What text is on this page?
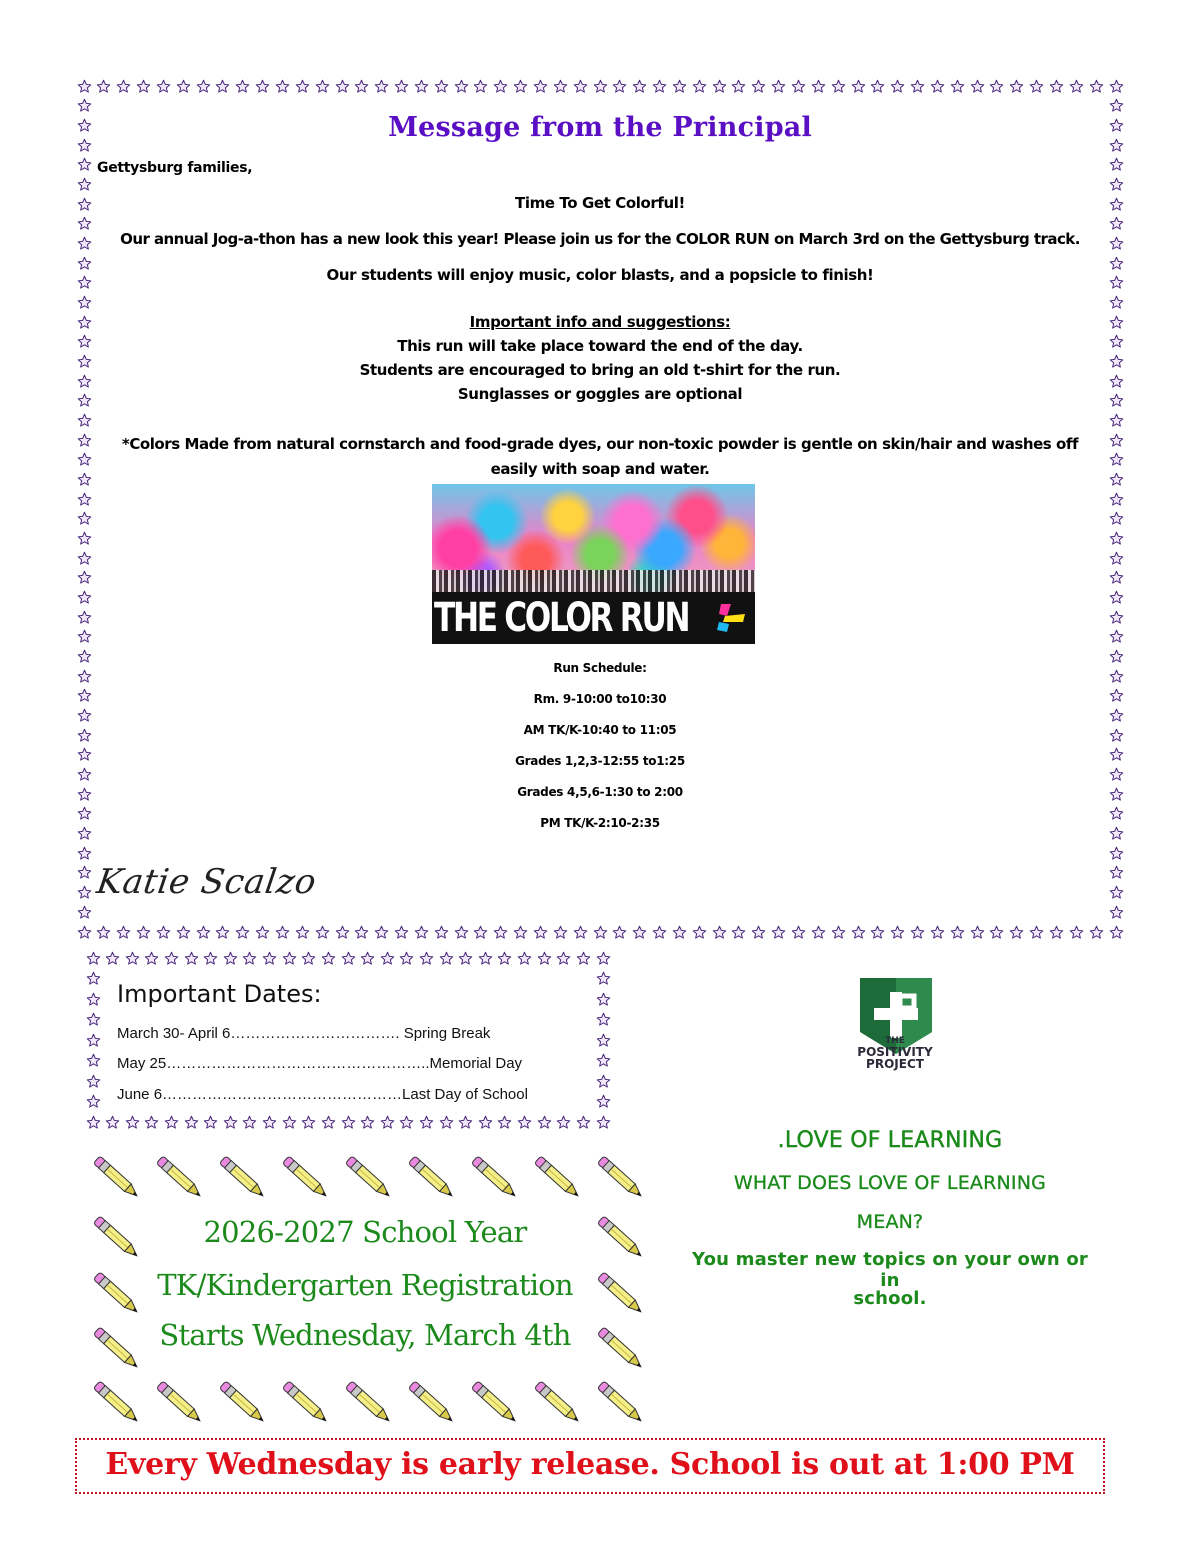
Message from the Principal
Gettysburg families,
Time To Get Colorful!
Our annual Jog-a-thon has a new look this year! Please join us for the COLOR RUN on March 3rd on the Gettysburg track.
Our students will enjoy music, color blasts, and a popsicle to finish!
Important info and suggestions:
This run will take place toward the end of the day.
Students are encouraged to bring an old t-shirt for the run.
Sunglasses or goggles are optional
*Colors Made from natural cornstarch and food-grade dyes, our non-toxic powder is gentle on skin/hair and washes off easily with soap and water.
THE COLOR RUN
Run Schedule:
Rm. 9-10:00 to10:30
AM TK/K-10:40 to 11:05
Grades 1,2,3-12:55 to1:25
Grades 4,5,6-1:30 to 2:00
PM TK/K-2:10-2:35
Katie Scalzo
Important Dates:
March 30- April 6……………………………. Spring Break
May 25……………………………………………..Memorial Day
June 6…………………………………………Last Day of School
THE
POSITIVITY
PROJECT
.LOVE OF LEARNING
WHAT DOES LOVE OF LEARNING
MEAN?
You master new topics on your own or in
school.
2026-2027 School Year
TK/Kindergarten Registration
Starts Wednesday, March 4th
Every Wednesday is early release. School is out at 1:00 PM
